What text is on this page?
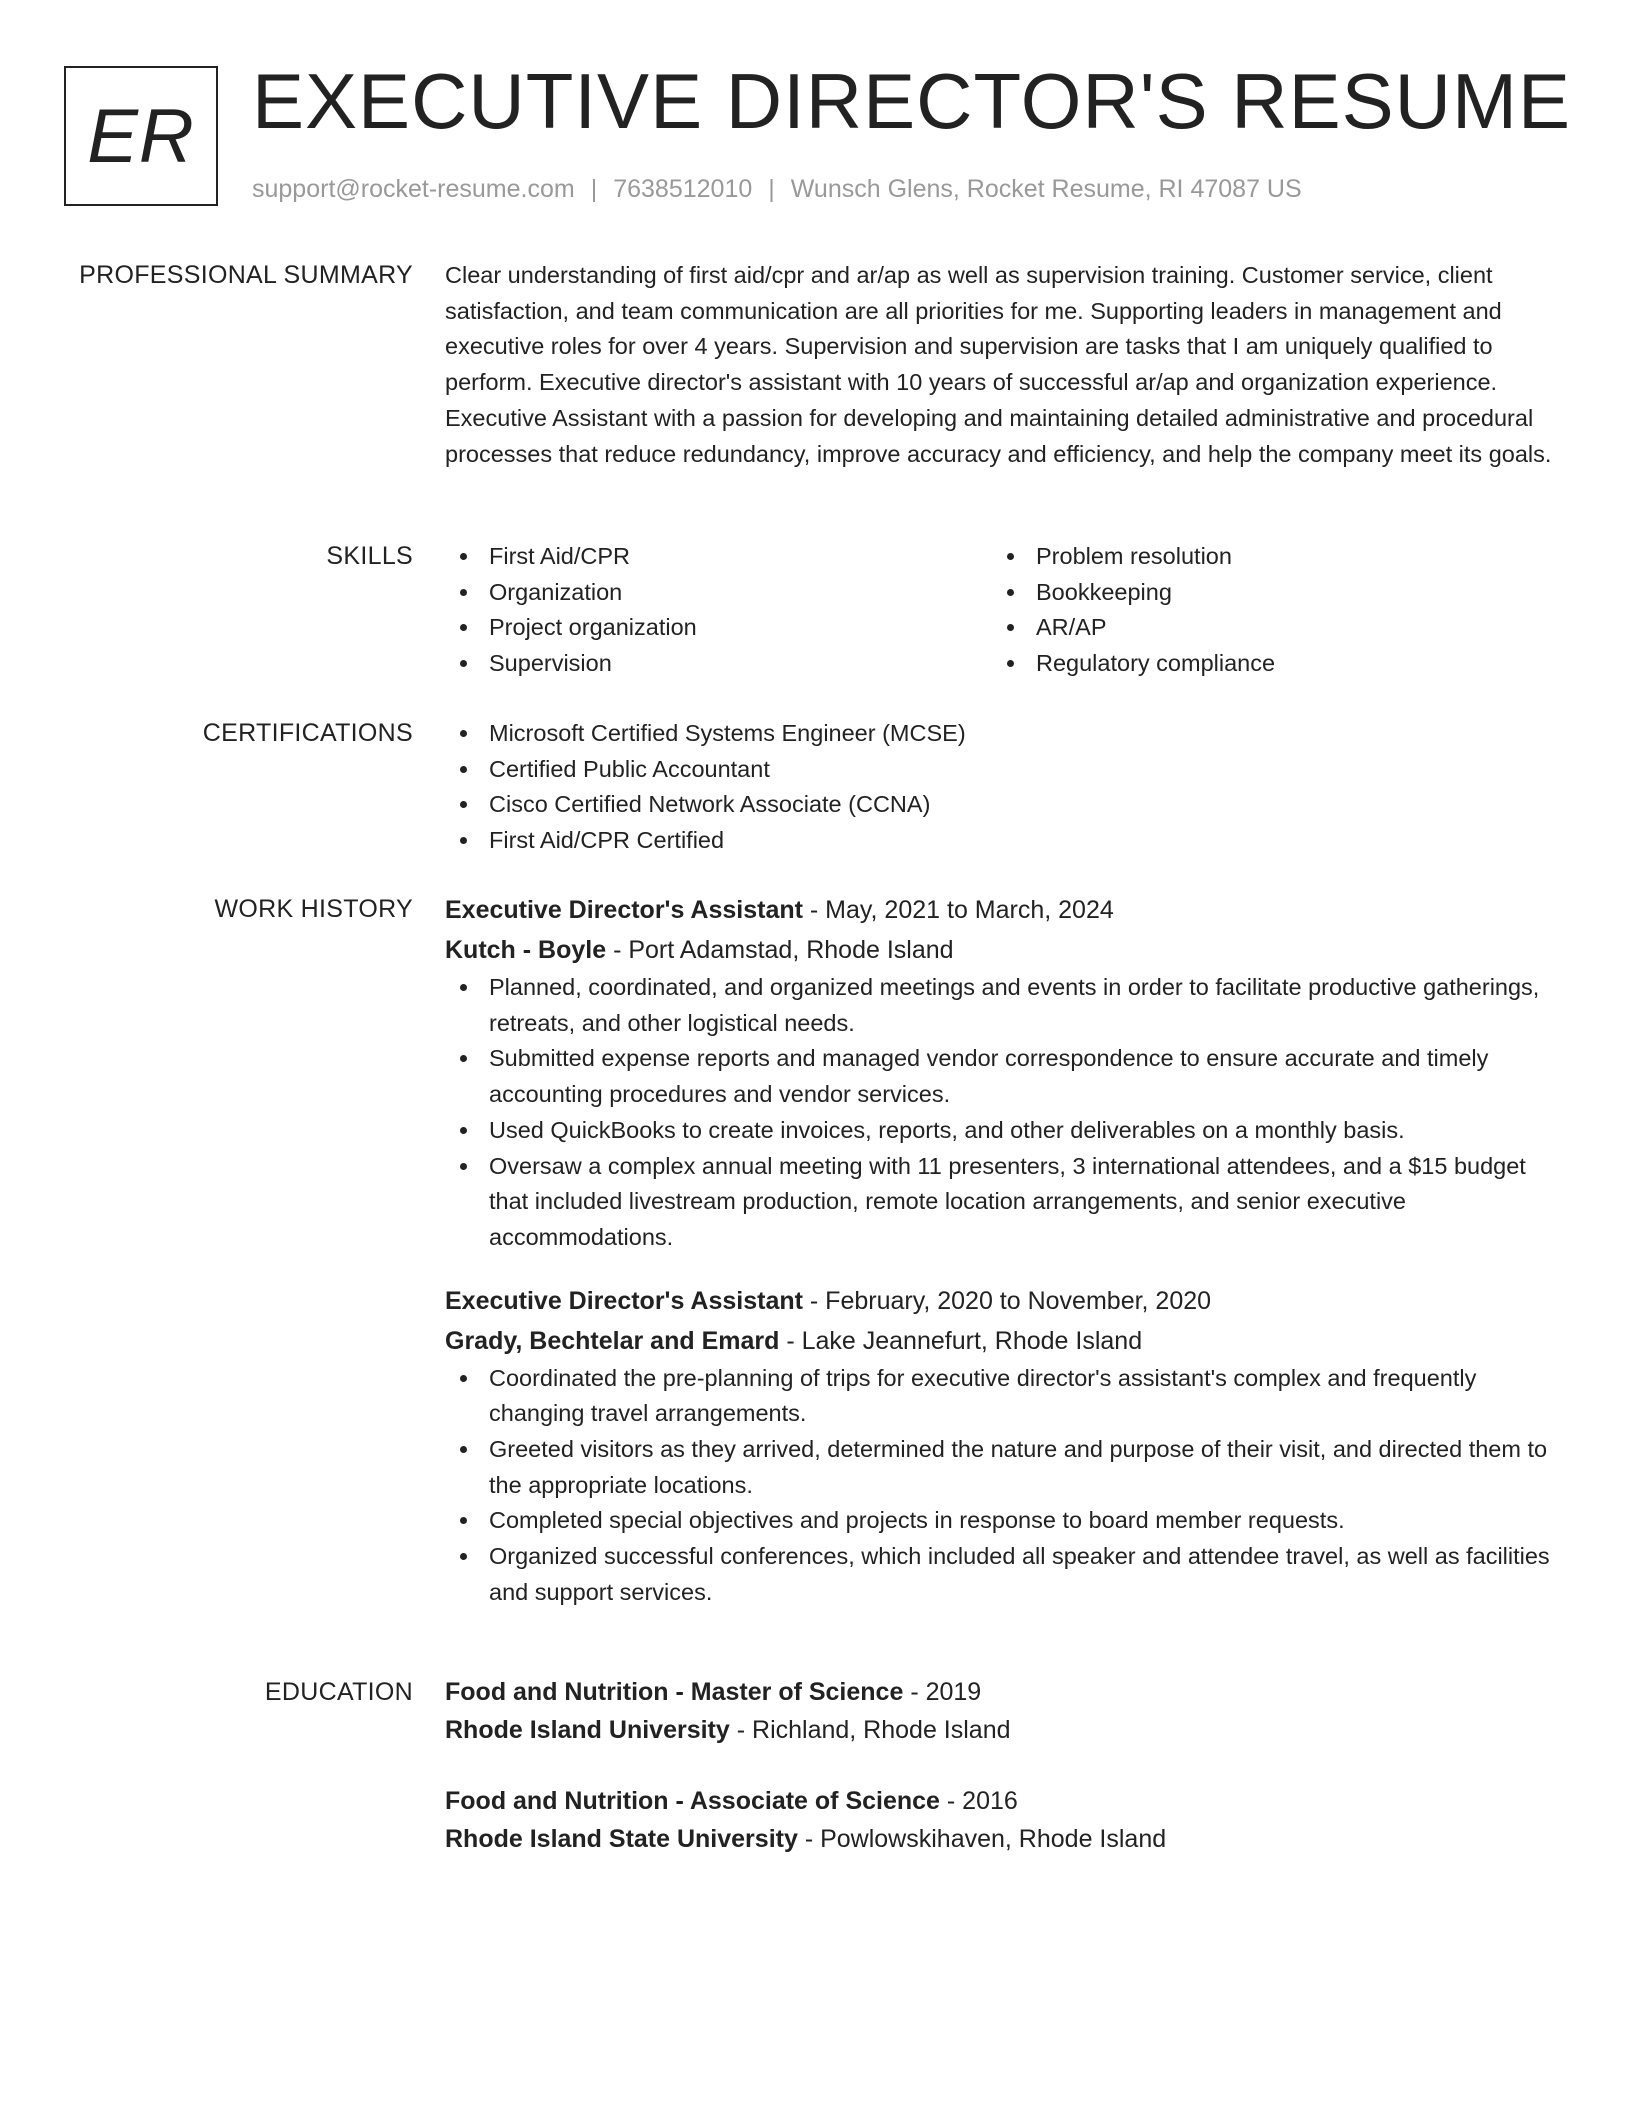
ER EXECUTIVE DIRECTOR'S RESUME
support@rocket-resume.com | 7638512010 | Wunsch Glens, Rocket Resume, RI 47087 US
PROFESSIONAL SUMMARY Clear understanding of first aid/cpr and ar/ap as well as supervision training. Customer service, client satisfaction, and team communication are all priorities for me. Supporting leaders in management and executive roles for over 4 years. Supervision and supervision are tasks that I am uniquely qualified to perform. Executive director's assistant with 10 years of successful ar/ap and organization experience. Executive Assistant with a passion for developing and maintaining detailed administrative and procedural processes that reduce redundancy, improve accuracy and efficiency, and help the company meet its goals.

SKILLS	First Aid/CPR
Organization
Project organization
Supervision
Problem resolution
Bookkeeping
AR/AP
Regulatory compliance
CERTIFICATIONS	Microsoft Certified Systems Engineer (MCSE)
Certified Public Accountant
Cisco Certified Network Associate (CCNA)
First Aid/CPR Certified
WORK HISTORY Executive Director's Assistant - May, 2021 to March, 2024
Kutch - Boyle - Port Adamstad, Rhode Island
Planned, coordinated, and organized meetings and events in order to facilitate productive gatherings, retreats, and other logistical needs.
Submitted expense reports and managed vendor correspondence to ensure accurate and timely accounting procedures and vendor services.
Used QuickBooks to create invoices, reports, and other deliverables on a monthly basis.
Oversaw a complex annual meeting with 11 presenters, 3 international attendees, and a $15 budget that included livestream production, remote location arrangements, and senior executive accommodations.
Executive Director's Assistant - February, 2020 to November, 2020
Grady, Bechtelar and Emard - Lake Jeannefurt, Rhode Island
Coordinated the pre-planning of trips for executive director's assistant's complex and frequently changing travel arrangements.
Greeted visitors as they arrived, determined the nature and purpose of their visit, and directed them to the appropriate locations.
Completed special objectives and projects in response to board member requests.
Organized successful conferences, which included all speaker and attendee travel, as well as facilities and support services.
EDUCATION Food and Nutrition - Master of Science - 2019
Rhode Island University - Richland, Rhode Island
Food and Nutrition - Associate of Science - 2016
Rhode Island State University - Powlowskihaven, Rhode Island
